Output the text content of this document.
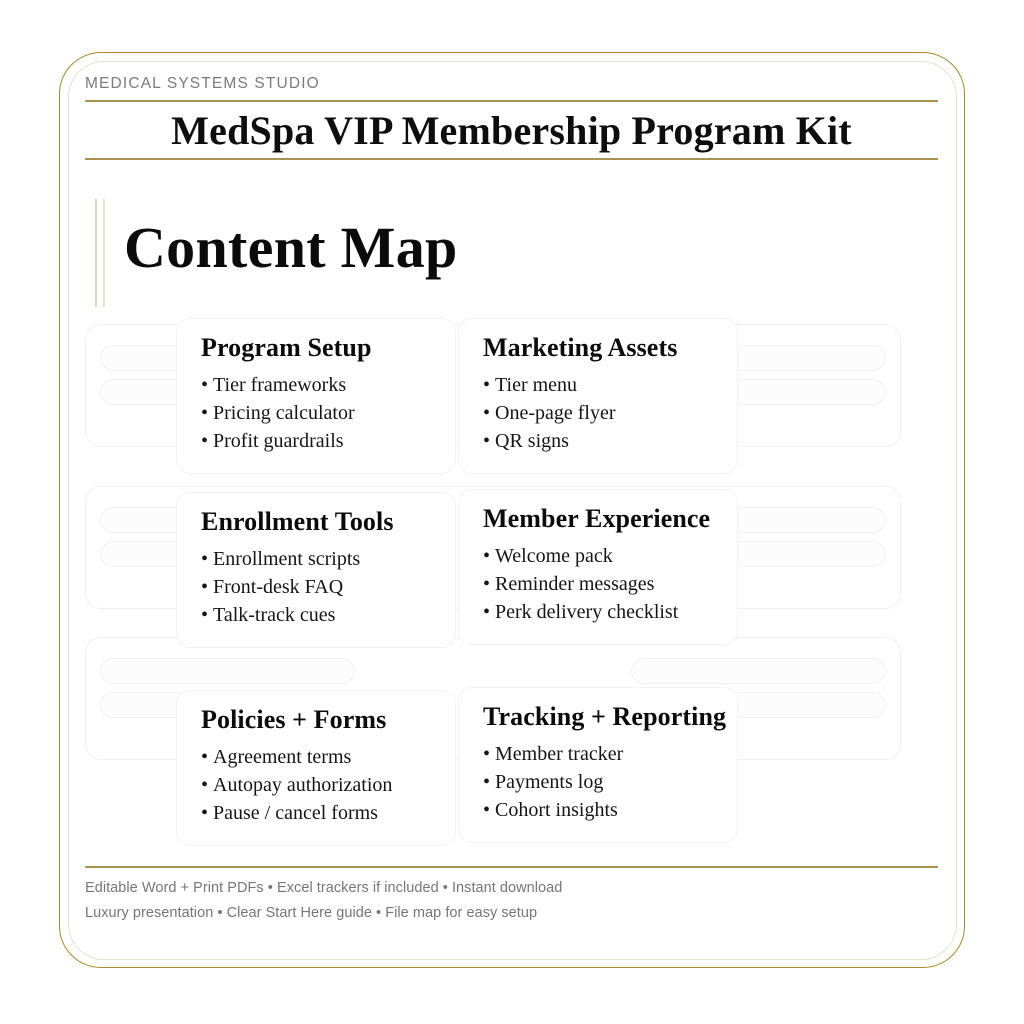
MEDICAL SYSTEMS STUDIO
MedSpa VIP Membership Program Kit
Content Map
Program Setup
• Tier frameworks
• Pricing calculator
• Profit guardrails
Marketing Assets
• Tier menu
• One-page flyer
• QR signs
Enrollment Tools
• Enrollment scripts
• Front-desk FAQ
• Talk-track cues
Member Experience
• Welcome pack
• Reminder messages
• Perk delivery checklist
Policies + Forms
• Agreement terms
• Autopay authorization
• Pause / cancel forms
Tracking + Reporting
• Member tracker
• Payments log
• Cohort insights
Editable Word + Print PDFs • Excel trackers if included • Instant download
Luxury presentation • Clear Start Here guide • File map for easy setup
